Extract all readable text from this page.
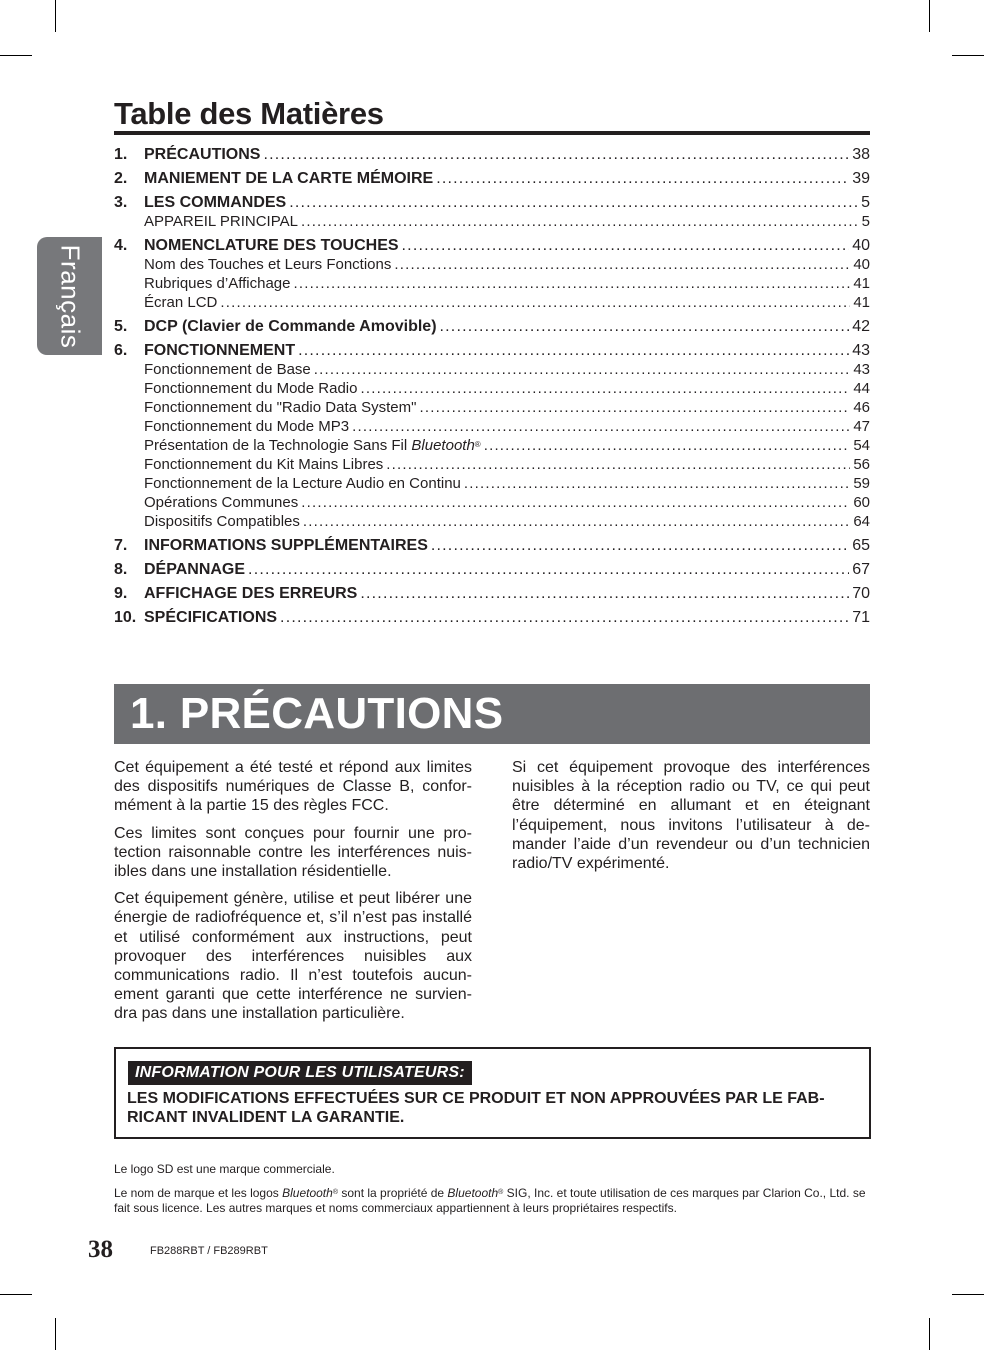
Français
Table des Matières
1.	PRÉCAUTIONS .....	38
2.	MANIEMENT DE LA CARTE MÉMOIRE .....	39
3.	LES COMMANDES .....	5
APPAREIL PRINCIPAL .....	5
4.	NOMENCLATURE DES TOUCHES .....	40
Nom des Touches et Leurs Fonctions .....	40
Rubriques d’Affichage .....	41
Écran LCD .....	41
5.	DCP (Clavier de Commande Amovible) .....	42
6.	FONCTIONNEMENT .....	43
Fonctionnement de Base .....	43
Fonctionnement du Mode Radio .....	44
Fonctionnement du "Radio Data System" .....	46
Fonctionnement du Mode MP3 .....	47
Présentation de la Technologie Sans Fil Bluetooth® .....	54
Fonctionnement du Kit Mains Libres .....	56
Fonctionnement de la Lecture Audio en Continu .....	59
Opérations Communes .....	60
Dispositifs Compatibles .....	64
7.	INFORMATIONS SUPPLÉMENTAIRES .....	65
8.	DÉPANNAGE .....	67
9.	AFFICHAGE DES ERREURS .....	70
10. SPÉCIFICATIONS .....	71
1. PRÉCAUTIONS

Cet équipement a été testé et répond aux limites des dispositifs numériques de Classe B, conformément à la partie 15 des règles FCC.

Ces limites sont conçues pour fournir une protection raisonnable contre les interférences nuisibles dans une installation résidentielle.

Cet équipement génère, utilise et peut libérer une énergie de radiofréquence et, s’il n’est pas installé et utilisé conformément aux instructions, peut provoquer des interférences nuisibles aux communications radio. Il n’est toutefois aucunement garanti que cette interférence ne surviendra pas dans une installation particulière.

Si cet équipement provoque des interférences nuisibles à la réception radio ou TV, ce qui peut être déterminé en allumant et en éteignant l’équipement, nous invitons l’utilisateur à demander l’aide d’un revendeur ou d’un technicien radio/TV expérimenté.

INFORMATION POUR LES UTILISATEURS:
LES MODIFICATIONS EFFECTUÉES SUR CE PRODUIT ET NON APPROUVÉES PAR LE FABRICANT INVALIDENT LA GARANTIE.
Le logo SD est une marque commerciale.
Le nom de marque et les logos Bluetooth® sont la propriété de Bluetooth® SIG, Inc. et toute utilisation de ces marques par Clarion Co., Ltd. se fait sous licence. Les autres marques et noms commerciaux appartiennent à leurs propriétaires respectifs.

38	FB288RBT / FB289RBT
